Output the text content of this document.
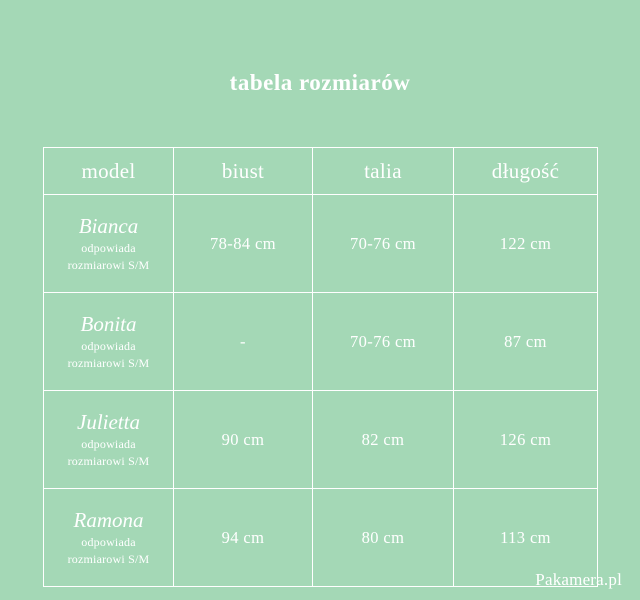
tabela rozmiarów
model	biust	talia	długość

Bianca
odpowiada
rozmiarowi S/M	78-84 cm	70-76 cm	122 cm

Bonita
odpowiada
rozmiarowi S/M	-	70-76 cm	87 cm

Julietta
odpowiada
rozmiarowi S/M	90 cm	82 cm	126 cm

Ramona
odpowiada
rozmiarowi S/M	94 cm	80 cm	113 cm
Pakamera.pl
